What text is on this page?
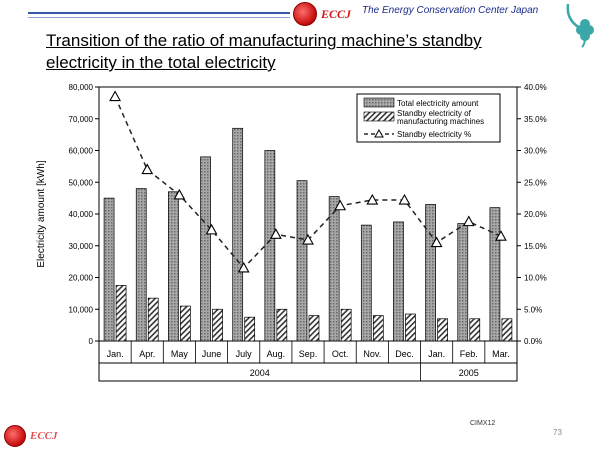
ECCJ The Energy Conservation Center Japan
Transition of the ratio of manufacturing machine’s standby electricity in the total electricity
Electricity amount [kWh]
Total electricity amount
Standby electricity of manufacturing machines
Standby electricity %
0
10,000
20,000
30,000
40,000
50,000
60,000
70,000
80,000
0.0%
5.0%
10.0%
15.0%
20.0%
25.0%
30.0%
35.0%
40.0%
Jan. Apr. May June July Aug. Sep. Oct. Nov. Dec. Jan. Feb. Mar.
2004	2005
ECCJ
CIMX12
73
